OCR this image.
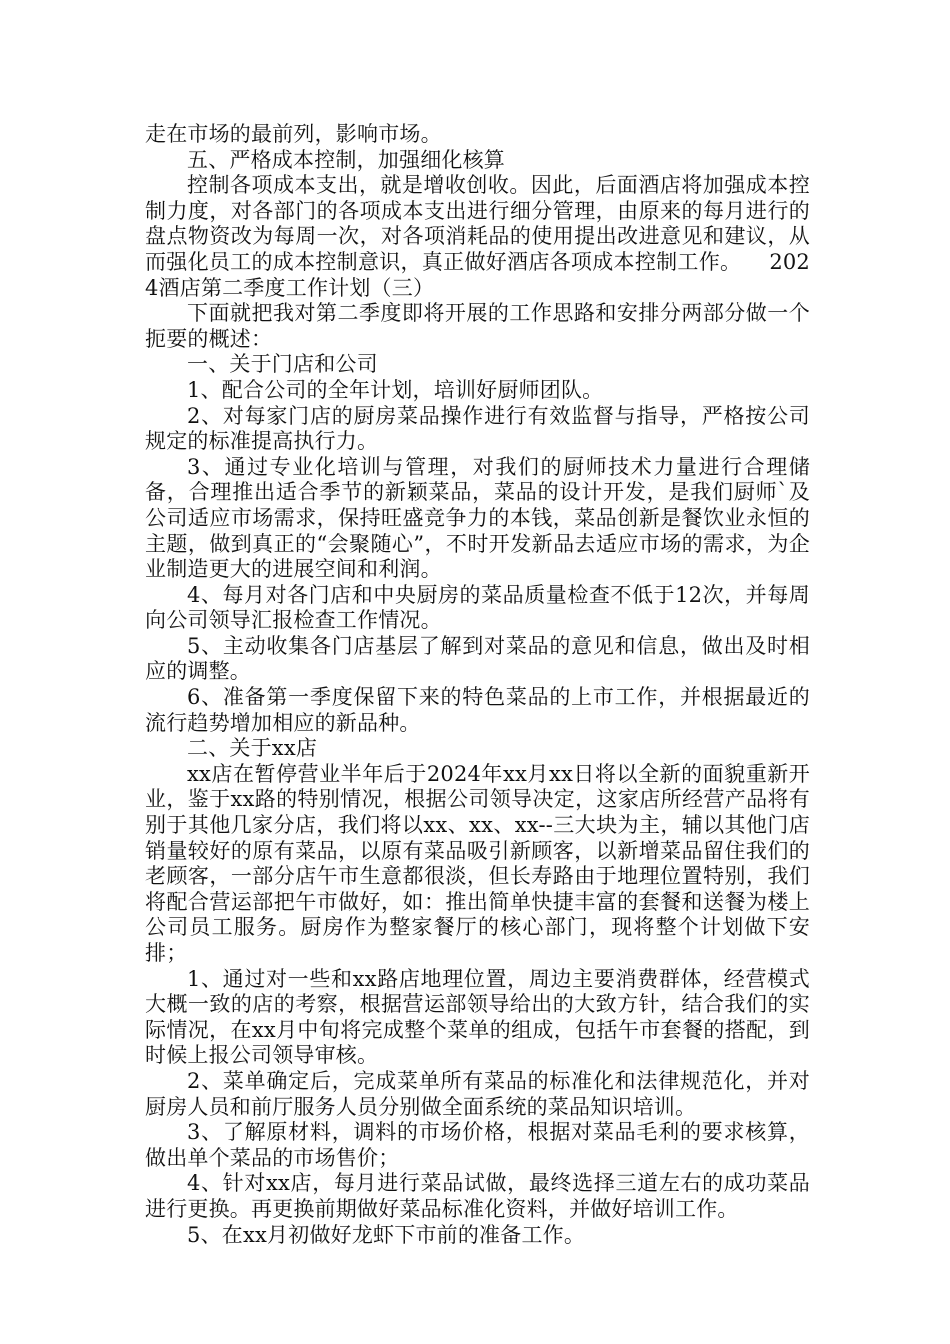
走在市场的最前列，影响市场。

五、严格成本控制，加强细化核算

控制各项成本支出，就是增收创收。因此，后面酒店将加强成本控制力度，对各部门的各项成本支出进行细分管理，由原来的每月进行的盘点物资改为每周一次，对各项消耗品的使用提出改进意见和建议，从而强化员工的成本控制意识，真正做好酒店各项成本控制工作。 2024酒店第二季度工作计划（三）

下面就把我对第二季度即将开展的工作思路和安排分两部分做一个扼要的概述：

一、关于门店和公司

1、配合公司的全年计划，培训好厨师团队。

2、对每家门店的厨房菜品操作进行有效监督与指导，严格按公司规定的标准提高执行力。

3、通过专业化培训与管理，对我们的厨师技术力量进行合理储备，合理推出适合季节的新颖菜品，菜品的设计开发，是我们厨师`及公司适应市场需求，保持旺盛竞争力的本钱，菜品创新是餐饮业永恒的主题，做到真正的“会聚随心”，不时开发新品去适应市场的需求，为企业制造更大的进展空间和利润。

4、每月对各门店和中央厨房的菜品质量检查不低于12次，并每周向公司领导汇报检查工作情况。

5、主动收集各门店基层了解到对菜品的意见和信息，做出及时相应的调整。

6、准备第一季度保留下来的特色菜品的上市工作，并根据最近的流行趋势增加相应的新品种。

二、关于xx店

xx店在暂停营业半年后于2024年xx月xx日将以全新的面貌重新开业，鉴于xx路的特别情况，根据公司领导决定，这家店所经营产品将有别于其他几家分店，我们将以xx、xx、xx--三大块为主，辅以其他门店销量较好的原有菜品，以原有菜品吸引新顾客，以新增菜品留住我们的老顾客，一部分店午市生意都很淡，但长寿路由于地理位置特别，我们将配合营运部把午市做好，如：推出简单快捷丰富的套餐和送餐为楼上公司员工服务。厨房作为整家餐厅的核心部门，现将整个计划做下安排；

1、通过对一些和xx路店地理位置，周边主要消费群体，经营模式大概一致的店的考察，根据营运部领导给出的大致方针，结合我们的实际情况，在xx月中旬将完成整个菜单的组成，包括午市套餐的搭配，到时候上报公司领导审核。

2、菜单确定后，完成菜单所有菜品的标准化和法律规范化，并对厨房人员和前厅服务人员分别做全面系统的菜品知识培训。

3、了解原材料，调料的市场价格，根据对菜品毛利的要求核算，做出单个菜品的市场售价；

4、针对xx店，每月进行菜品试做，最终选择三道左右的成功菜品进行更换。再更换前期做好菜品标准化资料，并做好培训工作。

5、在xx月初做好龙虾下市前的准备工作。
